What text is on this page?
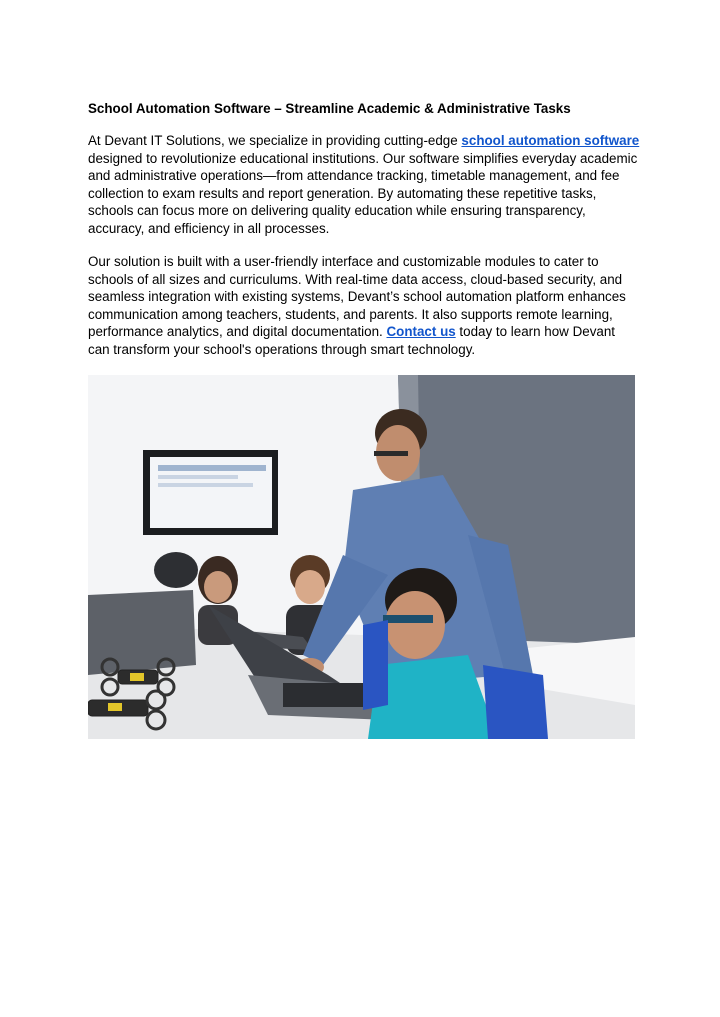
School Automation Software – Streamline Academic & Administrative Tasks

At Devant IT Solutions, we specialize in providing cutting-edge school automation software designed to revolutionize educational institutions. Our software simplifies everyday academic and administrative operations—from attendance tracking, timetable management, and fee collection to exam results and report generation. By automating these repetitive tasks, schools can focus more on delivering quality education while ensuring transparency, accuracy, and efficiency in all processes.

Our solution is built with a user-friendly interface and customizable modules to cater to schools of all sizes and curriculums. With real-time data access, cloud-based security, and seamless integration with existing systems, Devant’s school automation platform enhances communication among teachers, students, and parents. It also supports remote learning, performance analytics, and digital documentation. Contact us today to learn how Devant can transform your school's operations through smart technology.
